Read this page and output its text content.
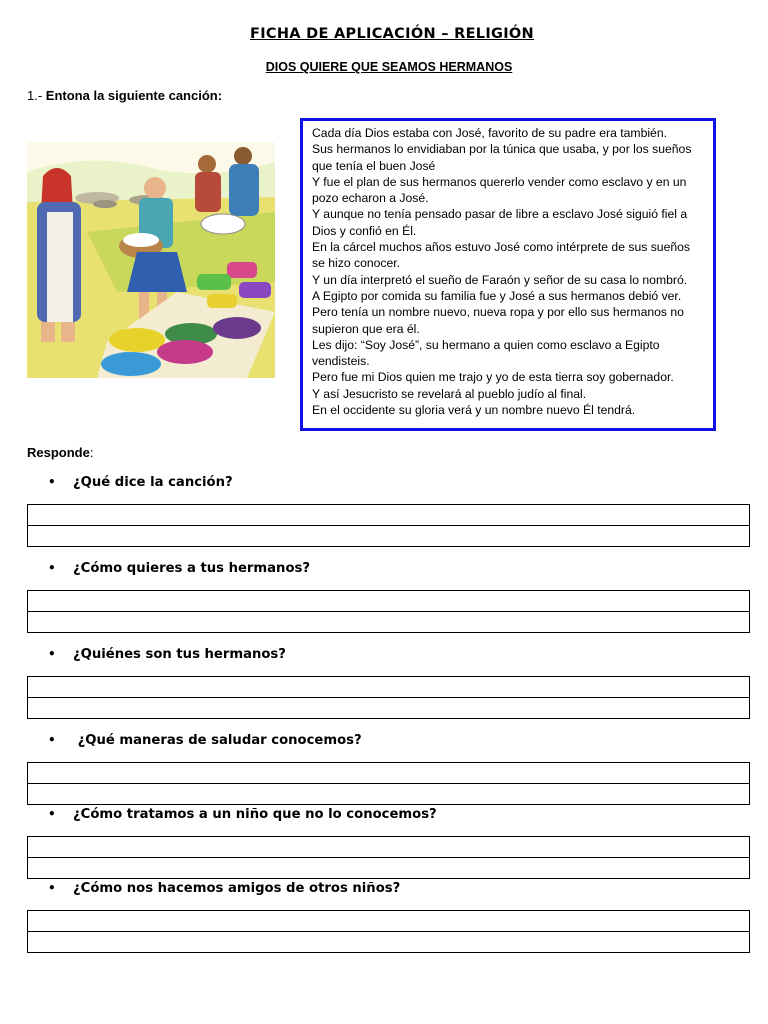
FICHA DE APLICACIÓN – RELIGIÓN
DIOS QUIERE QUE SEAMOS HERMANOS
1.- Entona la siguiente canción:
Cada día Dios estaba con José, favorito de su padre era también.
Sus hermanos lo envidiaban por la túnica que usaba, y por los sueños que tenía el buen José
Y fue el plan de sus hermanos quererlo vender como esclavo y en un pozo echaron a José.
Y aunque no tenía pensado pasar de libre a esclavo José siguió fiel a Dios y confió en Él.
En la cárcel muchos años estuvo José como intérprete de sus sueños se hizo conocer.
Y un día interpretó el sueño de Faraón y señor de su casa lo nombró.
A Egipto por comida su familia fue y José a sus hermanos debió ver.
Pero tenía un nombre nuevo, nueva ropa y por ello sus hermanos no supieron que era él.
Les dijo: “Soy José”, su hermano a quien como esclavo a Egipto vendisteis.
Pero fue mi Dios quien me trajo y yo de esta tierra soy gobernador.
Y así Jesucristo se revelará al pueblo judío al final.
En el occidente su gloria verá y un nombre nuevo Él tendrá.
Responde:
• ¿Qué dice la canción?
• ¿Cómo quieres a tus hermanos?
• ¿Quiénes son tus hermanos?
• ¿Qué maneras de saludar conocemos?
• ¿Cómo tratamos a un niño que no lo conocemos?
• ¿Cómo nos hacemos amigos de otros niños?
